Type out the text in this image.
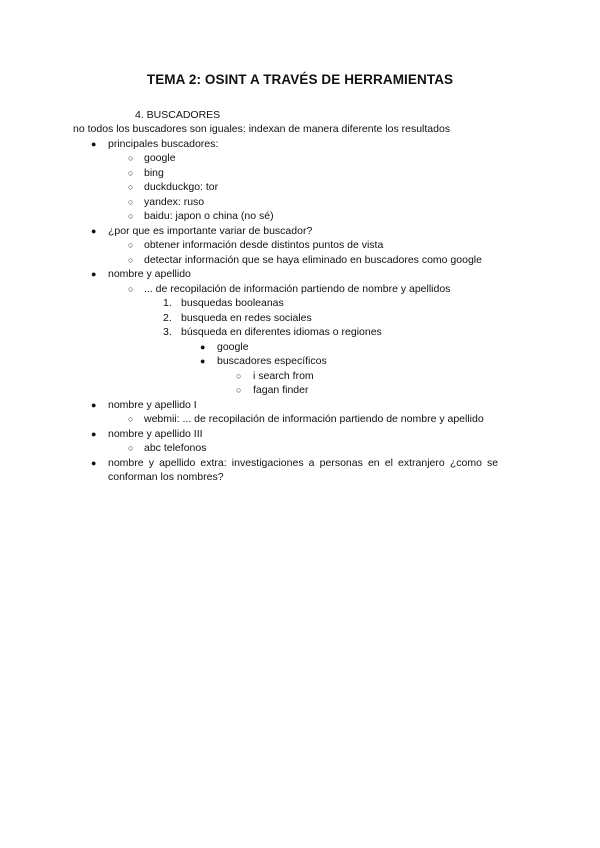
TEMA 2: OSINT A TRAVÉS DE HERRAMIENTAS
4. BUSCADORES
no todos los buscadores son iguales: indexan de manera diferente los resultados
● principales buscadores:
○ google
○ bing
○ duckduckgo: tor
○ yandex: ruso
○ baidu: japon o china (no sé)
● ¿por que es importante variar de buscador?
○ obtener información desde distintos puntos de vista
○ detectar información que se haya eliminado en buscadores como google
● nombre y apellido
○ ... de recopilación de información partiendo de nombre y apellidos
1. busquedas booleanas
2. busqueda en redes sociales
3. búsqueda en diferentes idiomas o regiones
● google
● buscadores específicos
○ i search from
○ fagan finder
● nombre y apellido I
○ webmii: ... de recopilación de información partiendo de nombre y apellido
● nombre y apellido III
○ abc telefonos
● nombre y apellido extra: investigaciones a personas en el extranjero ¿como se
conforman los nombres?
